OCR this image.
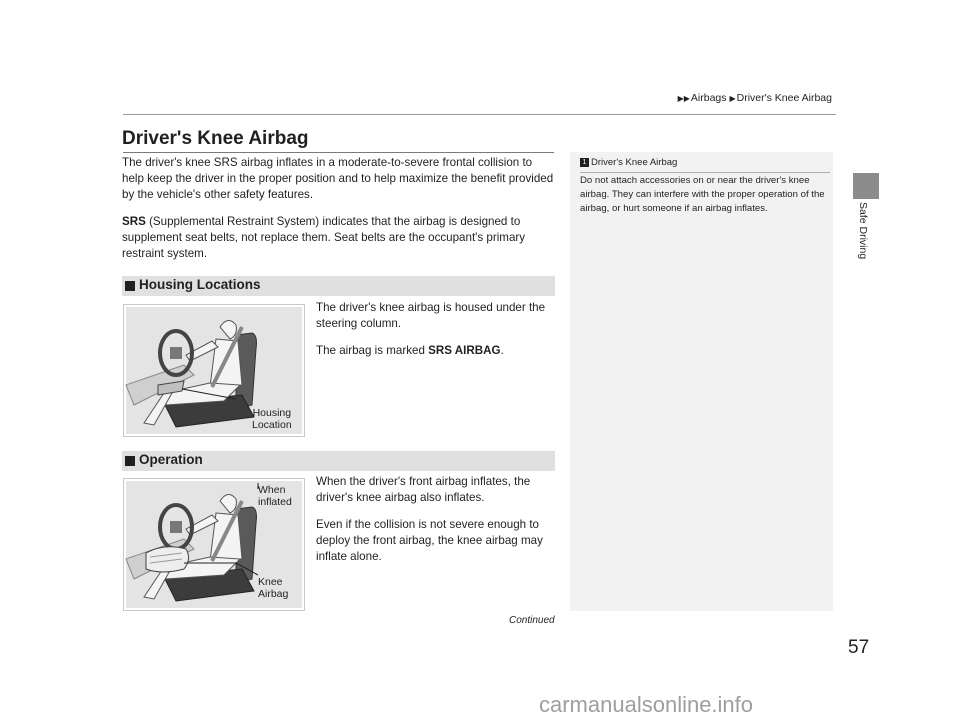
▶▶Airbags ▶Driver's Knee Airbag
Safe Driving
Driver's Knee Airbag
The driver's knee SRS airbag inflates in a moderate-to-severe frontal collision to help keep the driver in the proper position and to help maximize the benefit provided by the vehicle's other safety features.
SRS (Supplemental Restraint System) indicates that the airbag is designed to supplement seat belts, not replace them. Seat belts are the occupant's primary restraint system.
Housing Locations
Housing
Location
The driver's knee airbag is housed under the steering column.
The airbag is marked SRS AIRBAG.
Operation
When
inflated
Knee
Airbag
When the driver's front airbag inflates, the driver's knee airbag also inflates.
Even if the collision is not severe enough to deploy the front airbag, the knee airbag may inflate alone.
1 Driver's Knee Airbag
Do not attach accessories on or near the driver's knee airbag. They can interfere with the proper operation of the airbag, or hurt someone if an airbag inflates.
Continued
57
carmanualsonline.info
